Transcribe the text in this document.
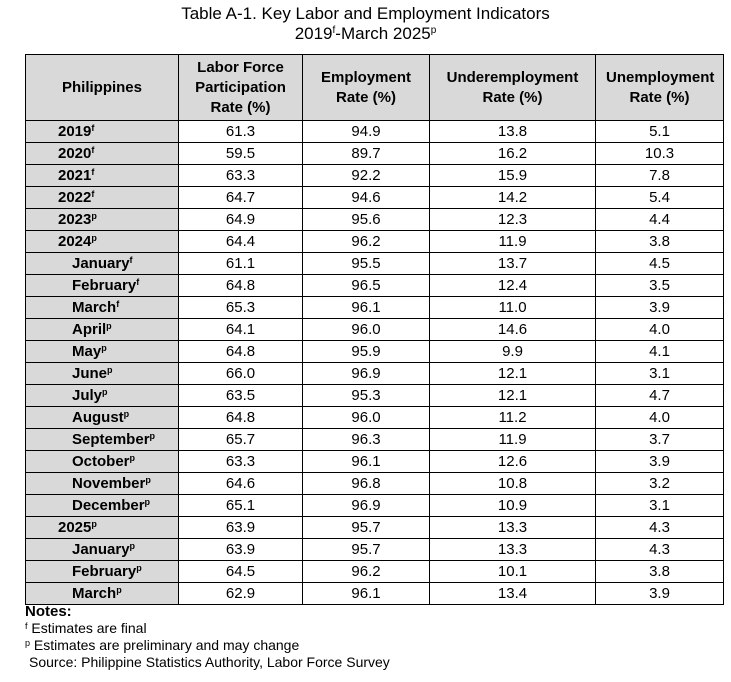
Table A-1. Key Labor and Employment Indicators
2019$^f$-March 2025$^p$
Philippines	Labor Force Participation Rate (%)	Employment Rate (%)	Underemployment Rate (%)	Unemployment Rate (%)
2019$^f$	61.3	94.9	13.8	5.1
2020$^f$	59.5	89.7	16.2	10.3
2021$^f$	63.3	92.2	15.9	7.8
2022$^f$	64.7	94.6	14.2	5.4
2023$^p$	64.9	95.6	12.3	4.4
2024$^p$	64.4	96.2	11.9	3.8
January$^f$	61.1	95.5	13.7	4.5
February$^f$	64.8	96.5	12.4	3.5
March$^f$	65.3	96.1	11.0	3.9
April$^p$	64.1	96.0	14.6	4.0
May$^p$	64.8	95.9	9.9	4.1
June$^p$	66.0	96.9	12.1	3.1
July$^p$	63.5	95.3	12.1	4.7
August$^p$	64.8	96.0	11.2	4.0
September$^p$	65.7	96.3	11.9	3.7
October$^p$	63.3	96.1	12.6	3.9
November$^p$	64.6	96.8	10.8	3.2
December$^p$	65.1	96.9	10.9	3.1
2025$^p$	63.9	95.7	13.3	4.3
January$^p$	63.9	95.7	13.3	4.3
February$^p$	64.5	96.2	10.1	3.8
March$^p$	62.9	96.1	13.4	3.9
Notes:
$^f$ Estimates are final
$^p$ Estimates are preliminary and may change
Source: Philippine Statistics Authority, Labor Force Survey
